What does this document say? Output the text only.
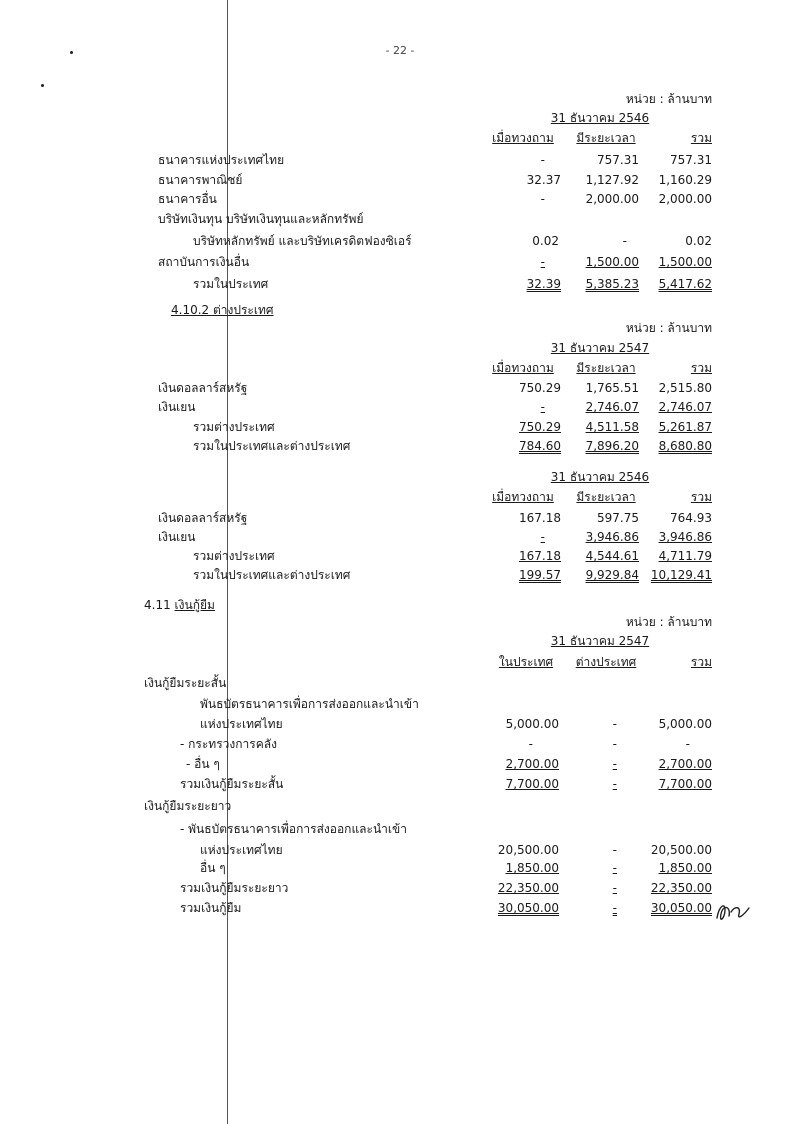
- 22 -
หน่วย : ล้านบาท
31 ธันวาคม 2546
เมื่อทวงถาม	มีระยะเวลา	รวม
ธนาคารแห่งประเทศไทย	-	757.31	757.31
ธนาคารพาณิชย์	32.37	1,127.92	1,160.29
ธนาคารอื่น	-	2,000.00	2,000.00
บริษัทเงินทุน บริษัทเงินทุนและหลักทรัพย์
บริษัทหลักทรัพย์ และบริษัทเครดิตฟองซิเอร์	0.02	-	0.02
สถาบันการเงินอื่น	-	1,500.00	1,500.00
รวมในประเทศ	32.39	5,385.23	5,417.62
4.10.2 ต่างประเทศ
หน่วย : ล้านบาท
31 ธันวาคม 2547
เมื่อทวงถาม	มีระยะเวลา	รวม
เงินดอลลาร์สหรัฐ	750.29	1,765.51	2,515.80
เงินเยน	-	2,746.07	2,746.07
รวมต่างประเทศ	750.29	4,511.58	5,261.87
รวมในประเทศและต่างประเทศ	784.60	7,896.20	8,680.80
31 ธันวาคม 2546
เมื่อทวงถาม	มีระยะเวลา	รวม
เงินดอลลาร์สหรัฐ	167.18	597.75	764.93
เงินเยน	-	3,946.86	3,946.86
รวมต่างประเทศ	167.18	4,544.61	4,711.79
รวมในประเทศและต่างประเทศ	199.57	9,929.84 10,129.41
4.11 เงินกู้ยืม
หน่วย : ล้านบาท
31 ธันวาคม 2547
ในประเทศ	ต่างประเทศ	รวม
เงินกู้ยืมระยะสั้น
พันธบัตรธนาคารเพื่อการส่งออกและนำเข้า
แห่งประเทศไทย	5,000.00	-	5,000.00
- กระทรวงการคลัง	-	-	-
- อื่น ๆ	2,700.00	-	2,700.00
รวมเงินกู้ยืมระยะสั้น	7,700.00	-	7,700.00
เงินกู้ยืมระยะยาว
- พันธบัตรธนาคารเพื่อการส่งออกและนำเข้า
แห่งประเทศไทย	20,500.00	-	20,500.00
อื่น ๆ	1,850.00	-	1,850.00
รวมเงินกู้ยืมระยะยาว	22,350.00	-	22,350.00
รวมเงินกู้ยืม	30,050.00	-	30,050.00
